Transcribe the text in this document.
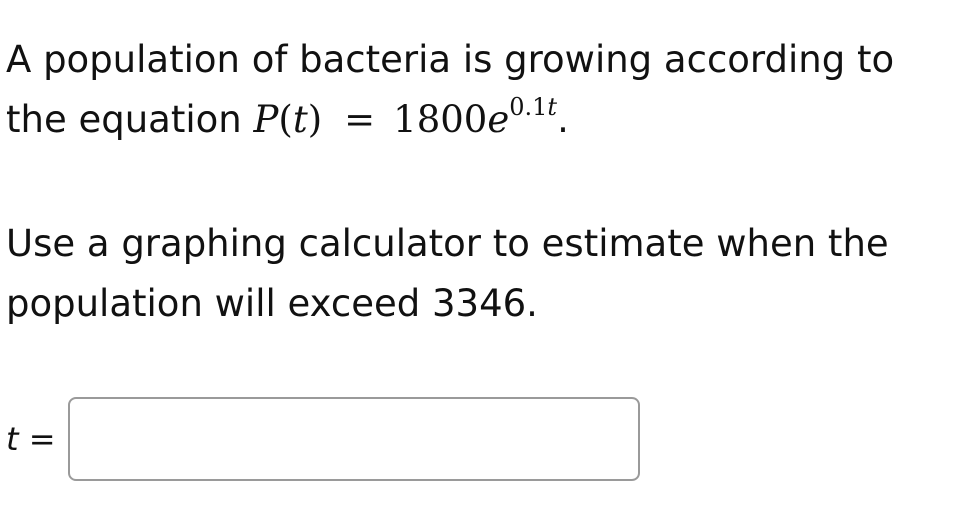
A population of bacteria is growing according to
the equation $P(t) = 1800e^{0.1t}$.

Use a graphing calculator to estimate when the
population will exceed 3346.

t =
